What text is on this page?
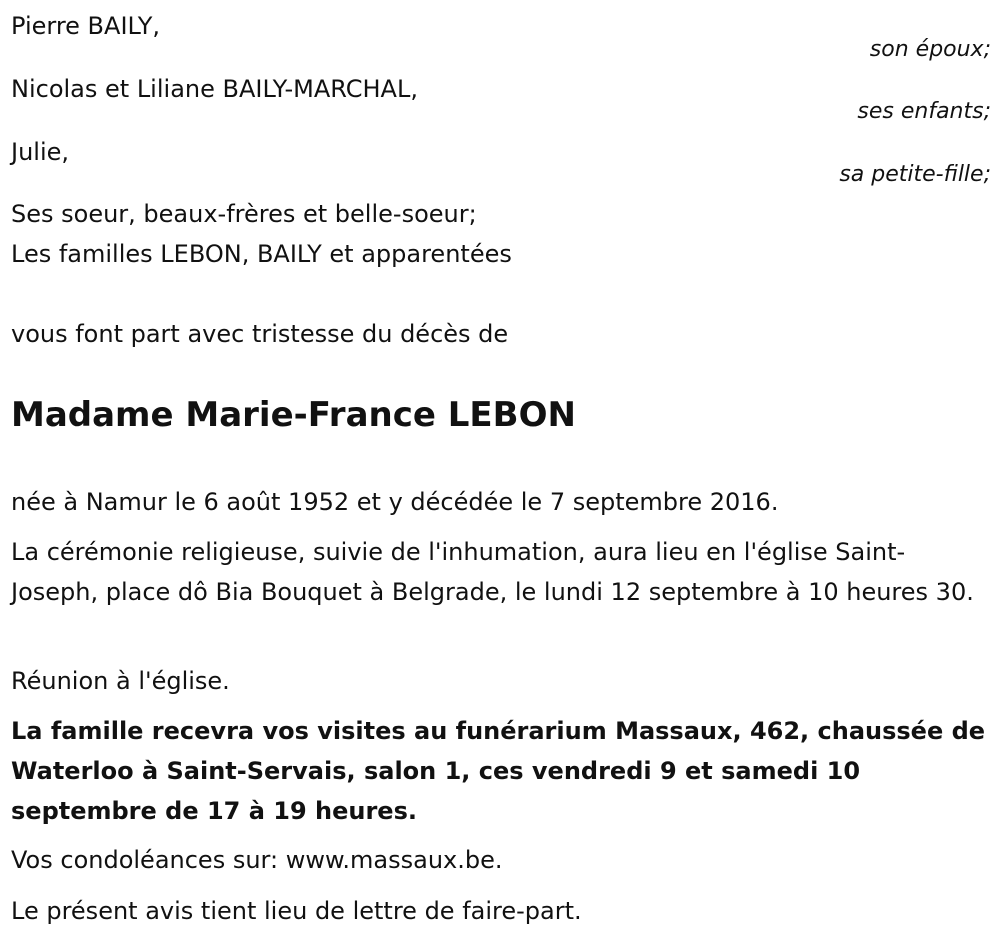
Pierre BAILY,
son époux;
Nicolas et Liliane BAILY-MARCHAL,
ses enfants;
Julie,
sa petite-fille;
Ses soeur, beaux-frères et belle-soeur;
Les familles LEBON, BAILY et apparentées
vous font part avec tristesse du décès de
Madame Marie-France LEBON
née à Namur le 6 août 1952 et y décédée le 7 septembre 2016.
La cérémonie religieuse, suivie de l'inhumation, aura lieu en l'église Saint-Joseph, place dô Bia Bouquet à Belgrade, le lundi 12 septembre à 10 heures 30.
Réunion à l'église.
La famille recevra vos visites au funérarium Massaux, 462, chaussée de Waterloo à Saint-Servais, salon 1, ces vendredi 9 et samedi 10 septembre de 17 à 19 heures.
Vos condoléances sur: www.massaux.be.
Le présent avis tient lieu de lettre de faire-part.
